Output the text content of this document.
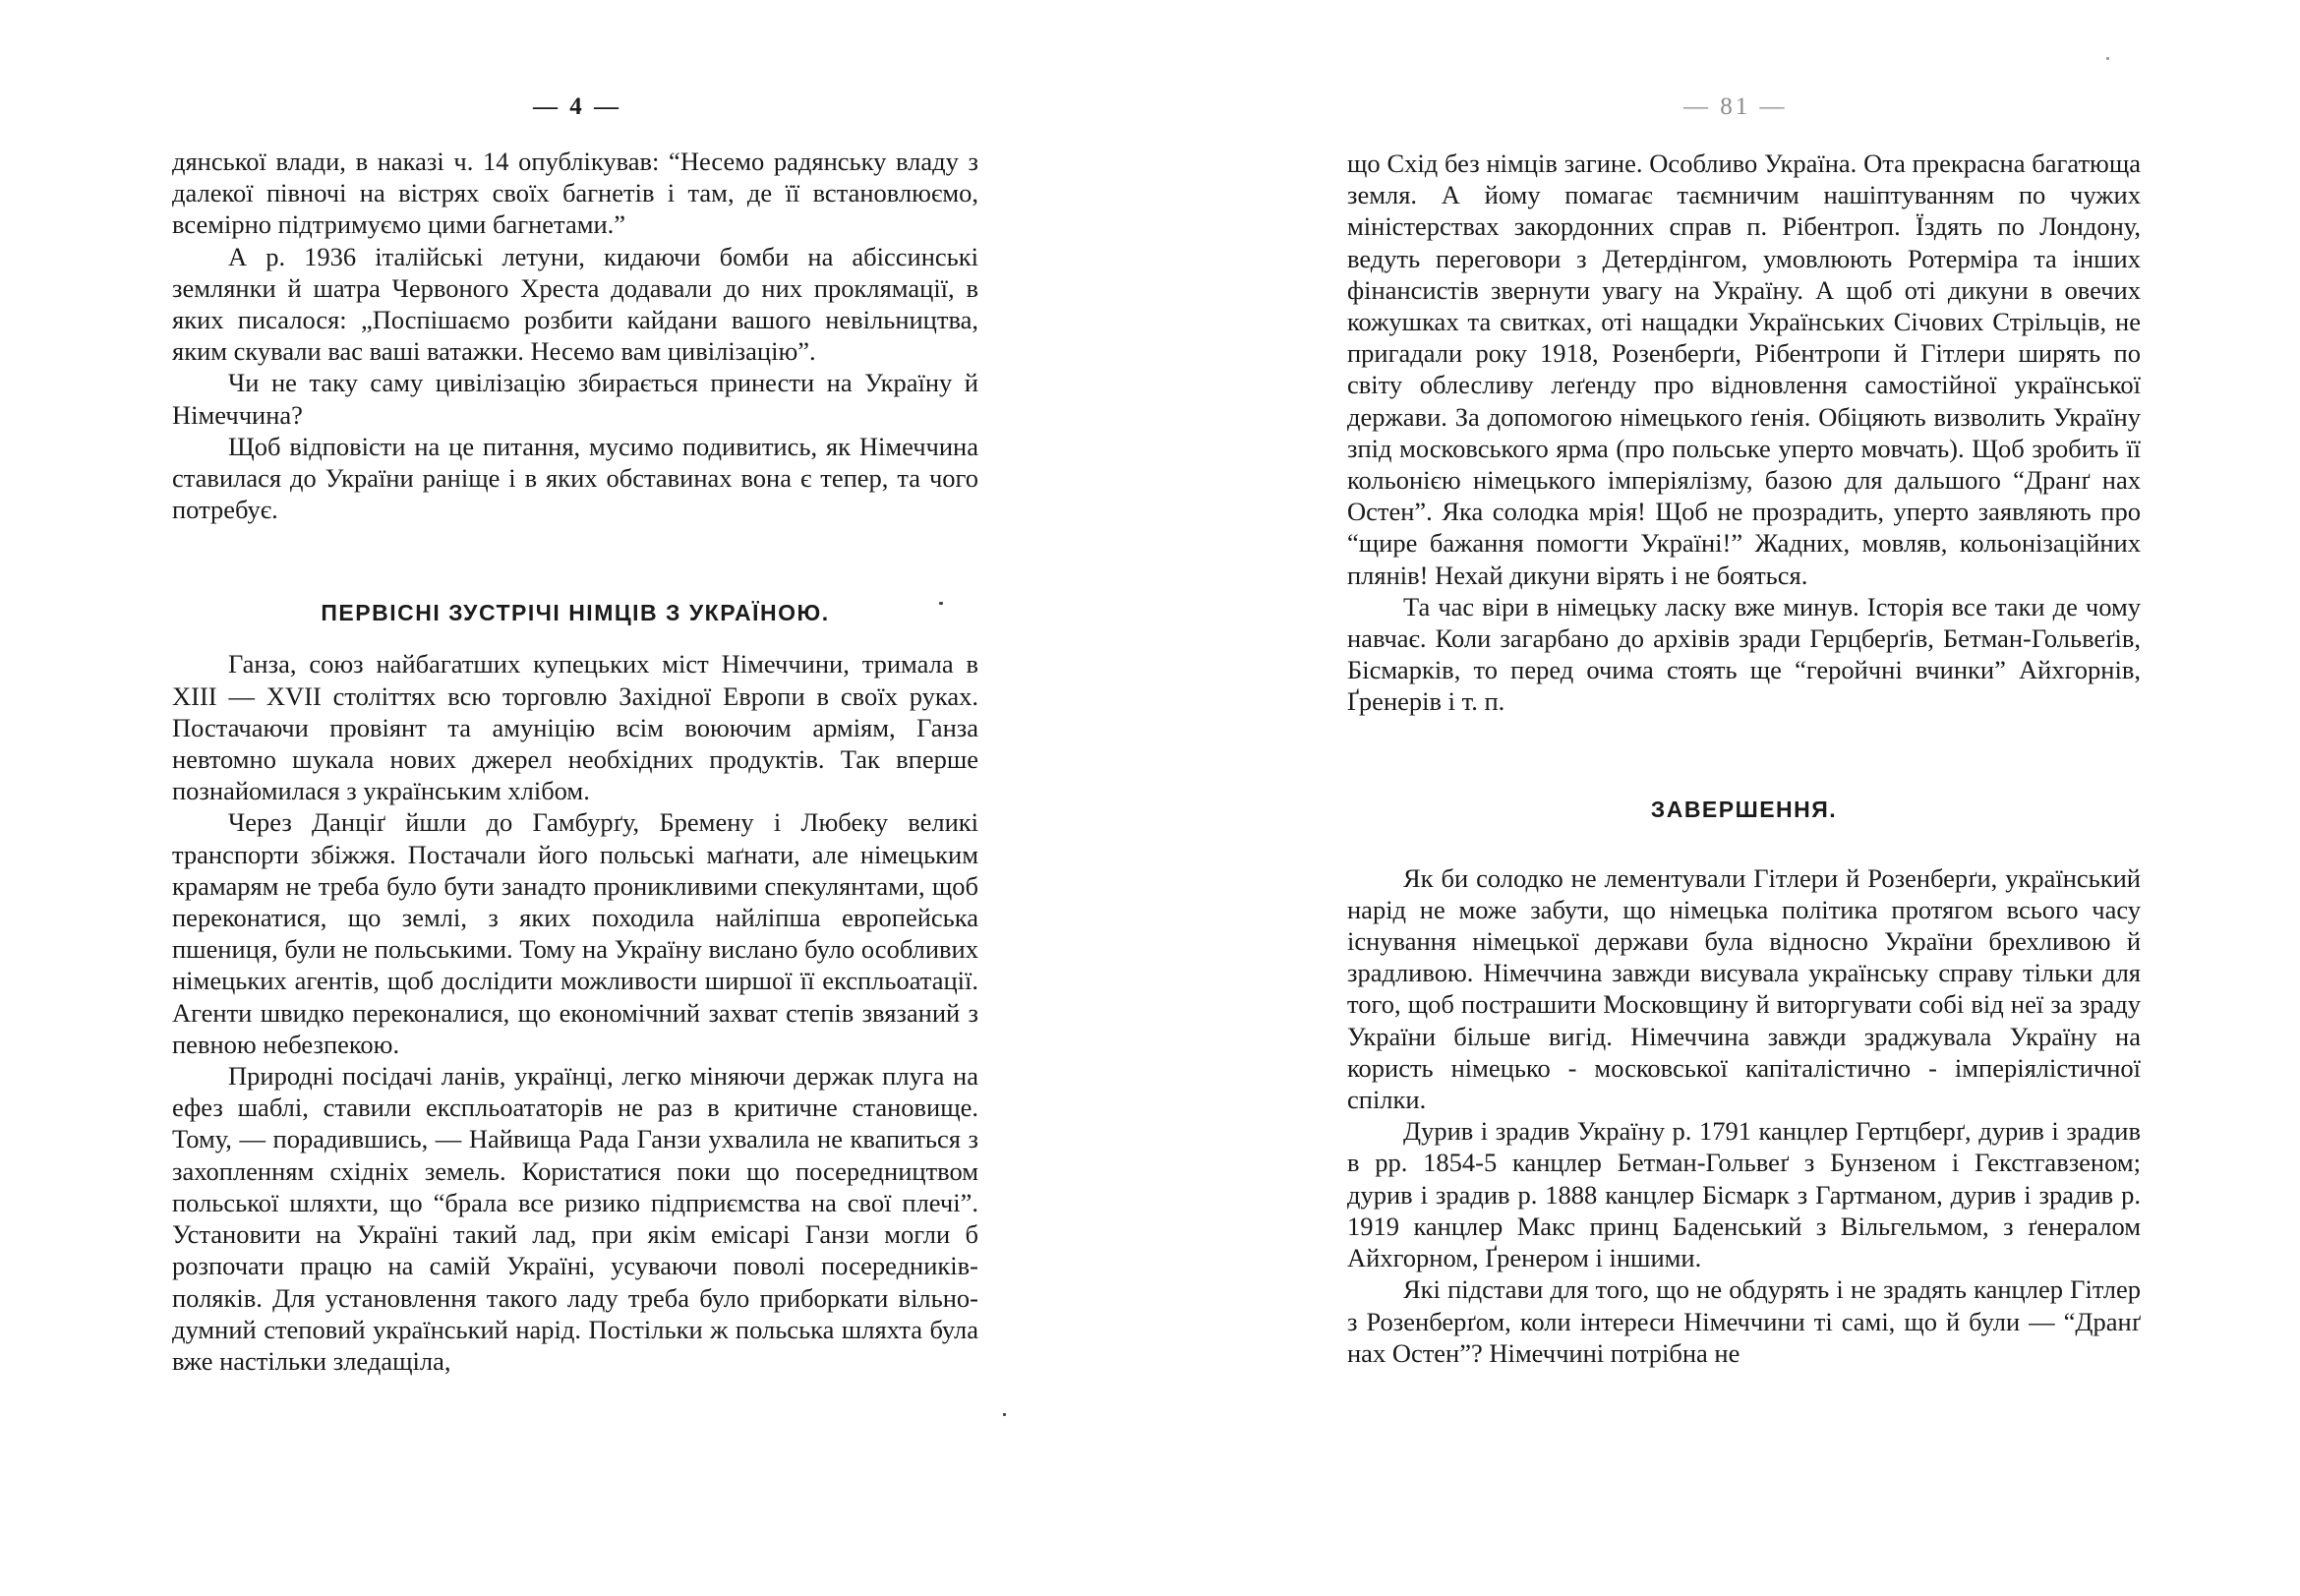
— 4 —

дянської влади, в наказі ч. 14 опублікував: “Несемо радянську владу з далекої півночі на вістрях своїх багнетів і там, де її встановлюємо, всемірно підтримуємо цими багнетами.”

А р. 1936 італійські летуни, кидаючи бомби на абіссинські землянки й шатра Червоного Хреста додавали до них проклямації, в яких писалося: „Поспішаємо розбити кайдани вашого невільництва, яким скували вас ваші ватажки. Несемо вам цивілізацію”.

Чи не таку саму цивілізацію збирається принести на Україну й Німеччина?

Щоб відповісти на це питання, мусимо подивитись, як Німеччина ставилася до України раніще і в яких обставинах вона є тепер, та чого потребує.

ПЕРВІСНІ ЗУСТРІЧІ НІМЦІВ З УКРАЇНОЮ.

Ганза, союз найбагатших купецьких міст Німеччини, тримала в XIII — XVII століттях всю торговлю Західної Европи в своїх руках. Постачаючи провіянт та амуніцію всім воюючим арміям, Ганза невтомно шукала нових джерел необхідних продуктів. Так вперше познайомилася з українським хлібом.

Через Данціґ йшли до Гамбурґу, Бремену і Любеку великі транспорти збіжжя. Постачали його польські маґнати, але німецьким крамарям не треба було бути занадто проникливими спекулянтами, щоб переконатися, що землі, з яких походила найліпша европейська пшениця, були не польськими. Тому на Україну вислано було особливих німецьких агентів, щоб дослідити можливости ширшої її експльоатації. Агенти швидко переконалися, що економічний захват степів звязаний з певною небезпекою.

Природні посідачі ланів, українці, легко міняючи держак плуга на ефез шаблі, ставили експльоататорів не раз в критичне становище. Тому, — порадившись, — Найвища Рада Ганзи ухвалила не квапиться з захопленням східніх земель. Користатися поки що посередництвом польської шляхти, що “брала все ризико підприємства на свої плечі”. Установити на Україні такий лад, при якім емісарі Ганзи могли б розпочати працю на самій Україні, усуваючи поволі посередників-поляків. Для установлення такого ладу треба було приборкати вільно-думний степовий український нарід. Постільки ж польська шляхта була вже настільки зледащіла,

— 81 —

що Схід без німців загине. Особливо Україна. Ота прекрасна багатюща земля. А йому помагає таємничим нашіптуванням по чужих міністерствах закордонних справ п. Рібентроп. Їздять по Лондону, ведуть переговори з Детердінгом, умовлюють Ротерміра та інших фінансистів звернути увагу на Україну. А щоб оті дикуни в овечих кожушках та свитках, оті нащадки Українських Січових Стрільців, не пригадали року 1918, Розенберґи, Рібентропи й Гітлери ширять по світу облесливу леґенду про відновлення самостійної української держави. За допомогою німецького ґенія. Обіцяють визволить Україну зпід московського ярма (про польське уперто мовчать). Щоб зробить її кольонією німецького імперіялізму, базою для дальшого “Дранґ нах Остен”. Яка солодка мрія! Щоб не прозрадить, уперто заявляють про “щире бажання помогти Україні!” Жадних, мовляв, кольонізаційних плянів! Нехай дикуни вірять і не бояться.

Та час віри в німецьку ласку вже минув. Історія все таки де чому навчає. Коли загарбано до архівів зради Герцберґів, Бетман-Гольвеґів, Бісмарків, то перед очима стоять ще “геройчні вчинки” Айхгорнів, Ґренерів і т. п.

ЗАВЕРШЕННЯ.

Як би солодко не лементували Гітлери й Розенберґи, український нарід не може забути, що німецька політика протягом всього часу існування німецької держави була відносно України брехливою й зрадливою. Німеччина завжди висувала українську справу тільки для того, щоб пострашити Московщину й виторгувати собі від неї за зраду України більше вигід. Німеччина завжди зраджувала Україну на користь німецько - московської капіталістично - імперіялістичної спілки.

Дурив і зрадив Україну р. 1791 канцлер Гертцберґ, дурив і зрадив в рр. 1854-5 канцлер Бетман-Гольвеґ з Бунзеном і Гекстгавзеном; дурив і зрадив р. 1888 канцлер Бісмарк з Гартманом, дурив і зрадив р. 1919 канцлер Макс принц Баденський з Вільгельмом, з ґенералом Айхгорном, Ґренером і іншими.

Які підстави для того, що не обдурять і не зрадять канцлер Гітлер з Розенберґом, коли інтереси Німеччини ті самі, що й були — “Дранґ нах Остен”? Німеччині потрібна не
